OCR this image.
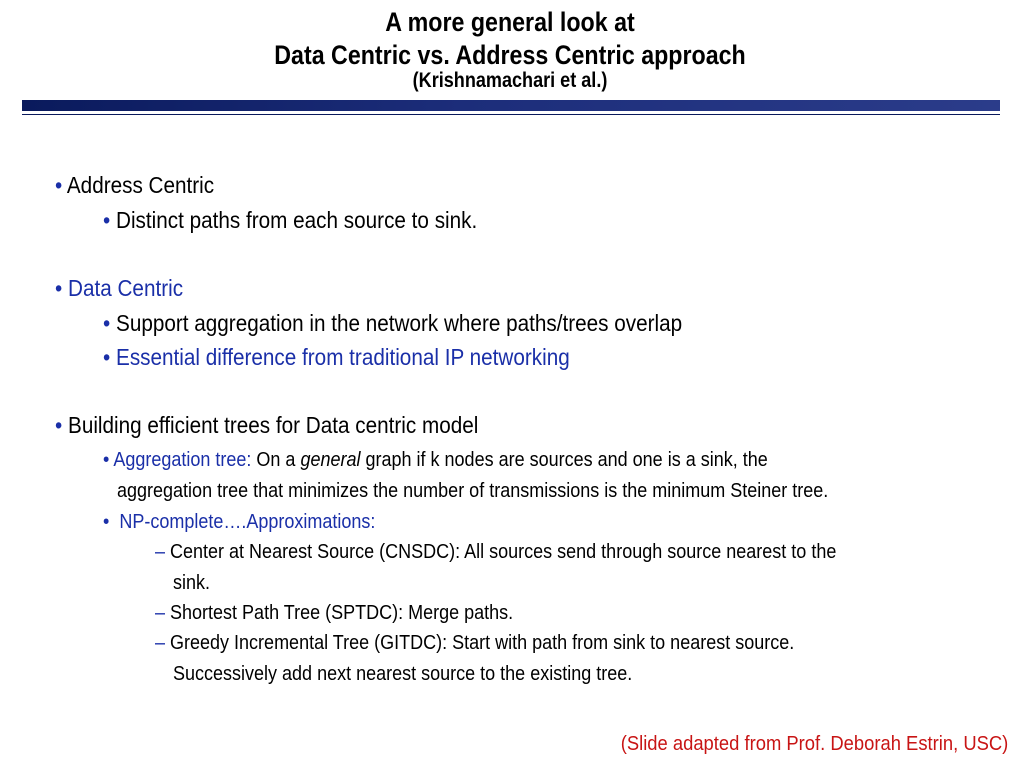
A more general look at
Data Centric vs. Address Centric approach
(Krishnamachari et al.)
• Address Centric
• Distinct paths from each source to sink.
• Data Centric
• Support aggregation in the network where paths/trees overlap
• Essential difference from traditional IP networking
• Building efficient trees for Data centric model
• Aggregation tree: On a general graph if k nodes are sources and one is a sink, the
aggregation tree that minimizes the number of transmissions is the minimum Steiner tree.
• NP-complete….Approximations:
– Center at Nearest Source (CNSDC): All sources send through source nearest to the
sink.
– Shortest Path Tree (SPTDC): Merge paths.
– Greedy Incremental Tree (GITDC): Start with path from sink to nearest source.
Successively add next nearest source to the existing tree.
(Slide adapted from Prof. Deborah Estrin, USC)
